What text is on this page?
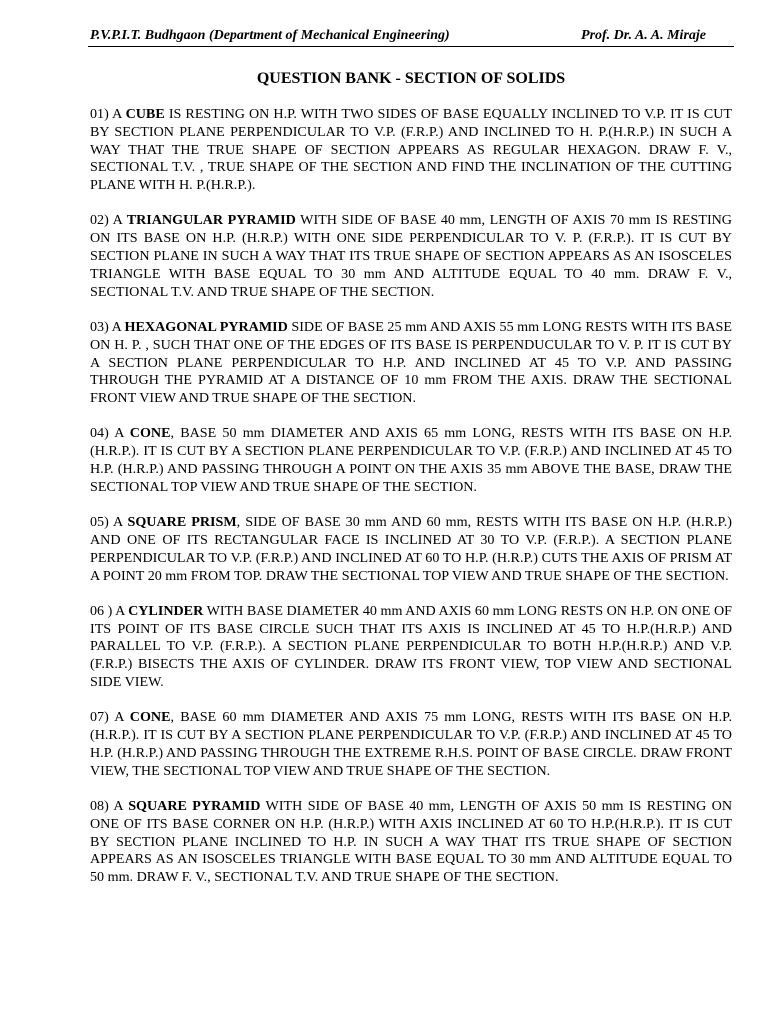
P.V.P.I.T. Budhgaon (Department of Mechanical Engineering)	Prof. Dr. A. A. Miraje
QUESTION BANK - SECTION OF SOLIDS

01) A CUBE IS RESTING ON H.P. WITH TWO SIDES OF BASE EQUALLY INCLINED TO V.P. IT IS CUT BY SECTION PLANE PERPENDICULAR TO V.P. (F.R.P.) AND INCLINED TO H. P.(H.R.P.) IN SUCH A WAY THAT THE TRUE SHAPE OF SECTION APPEARS AS REGULAR HEXAGON. DRAW F. V., SECTIONAL T.V. , TRUE SHAPE OF THE SECTION AND FIND THE INCLINATION OF THE CUTTING PLANE WITH H. P.(H.R.P.).

02) A TRIANGULAR PYRAMID WITH SIDE OF BASE 40 mm, LENGTH OF AXIS 70 mm IS RESTING ON ITS BASE ON H.P. (H.R.P.) WITH ONE SIDE PERPENDICULAR TO V. P. (F.R.P.). IT IS CUT BY SECTION PLANE IN SUCH A WAY THAT ITS TRUE SHAPE OF SECTION APPEARS AS AN ISOSCELES TRIANGLE WITH BASE EQUAL TO 30 mm AND ALTITUDE EQUAL TO 40 mm. DRAW F. V., SECTIONAL T.V. AND TRUE SHAPE OF THE SECTION.

03) A HEXAGONAL PYRAMID SIDE OF BASE 25 mm AND AXIS 55 mm LONG RESTS WITH ITS BASE ON H. P. , SUCH THAT ONE OF THE EDGES OF ITS BASE IS PERPENDUCULAR TO V. P. IT IS CUT BY A SECTION PLANE PERPENDICULAR TO H.P. AND INCLINED AT 45 TO V.P. AND PASSING THROUGH THE PYRAMID AT A DISTANCE OF 10 mm FROM THE AXIS. DRAW THE SECTIONAL FRONT VIEW AND TRUE SHAPE OF THE SECTION.

04) A CONE, BASE 50 mm DIAMETER AND AXIS 65 mm LONG, RESTS WITH ITS BASE ON H.P. (H.R.P.). IT IS CUT BY A SECTION PLANE PERPENDICULAR TO V.P. (F.R.P.) AND INCLINED AT 45 TO H.P. (H.R.P.) AND PASSING THROUGH A POINT ON THE AXIS 35 mm ABOVE THE BASE, DRAW THE SECTIONAL TOP VIEW AND TRUE SHAPE OF THE SECTION.

05) A SQUARE PRISM, SIDE OF BASE 30 mm AND 60 mm, RESTS WITH ITS BASE ON H.P. (H.R.P.) AND ONE OF ITS RECTANGULAR FACE IS INCLINED AT 30 TO V.P. (F.R.P.). A SECTION PLANE PERPENDICULAR TO V.P. (F.R.P.) AND INCLINED AT 60 TO H.P. (H.R.P.) CUTS THE AXIS OF PRISM AT A POINT 20 mm FROM TOP. DRAW THE SECTIONAL TOP VIEW AND TRUE SHAPE OF THE SECTION.

06 ) A CYLINDER WITH BASE DIAMETER 40 mm AND AXIS 60 mm LONG RESTS ON H.P. ON ONE OF ITS POINT OF ITS BASE CIRCLE SUCH THAT ITS AXIS IS INCLINED AT 45 TO H.P.(H.R.P.) AND PARALLEL TO V.P. (F.R.P.). A SECTION PLANE PERPENDICULAR TO BOTH H.P.(H.R.P.) AND V.P. (F.R.P.) BISECTS THE AXIS OF CYLINDER. DRAW ITS FRONT VIEW, TOP VIEW AND SECTIONAL SIDE VIEW.

07) A CONE, BASE 60 mm DIAMETER AND AXIS 75 mm LONG, RESTS WITH ITS BASE ON H.P. (H.R.P.). IT IS CUT BY A SECTION PLANE PERPENDICULAR TO V.P. (F.R.P.) AND INCLINED AT 45 TO H.P. (H.R.P.) AND PASSING THROUGH THE EXTREME R.H.S. POINT OF BASE CIRCLE. DRAW FRONT VIEW, THE SECTIONAL TOP VIEW AND TRUE SHAPE OF THE SECTION.

08) A SQUARE PYRAMID WITH SIDE OF BASE 40 mm, LENGTH OF AXIS 50 mm IS RESTING ON ONE OF ITS BASE CORNER ON H.P. (H.R.P.) WITH AXIS INCLINED AT 60 TO H.P.(H.R.P.). IT IS CUT BY SECTION PLANE INCLINED TO H.P. IN SUCH A WAY THAT ITS TRUE SHAPE OF SECTION APPEARS AS AN ISOSCELES TRIANGLE WITH BASE EQUAL TO 30 mm AND ALTITUDE EQUAL TO 50 mm. DRAW F. V., SECTIONAL T.V. AND TRUE SHAPE OF THE SECTION.
